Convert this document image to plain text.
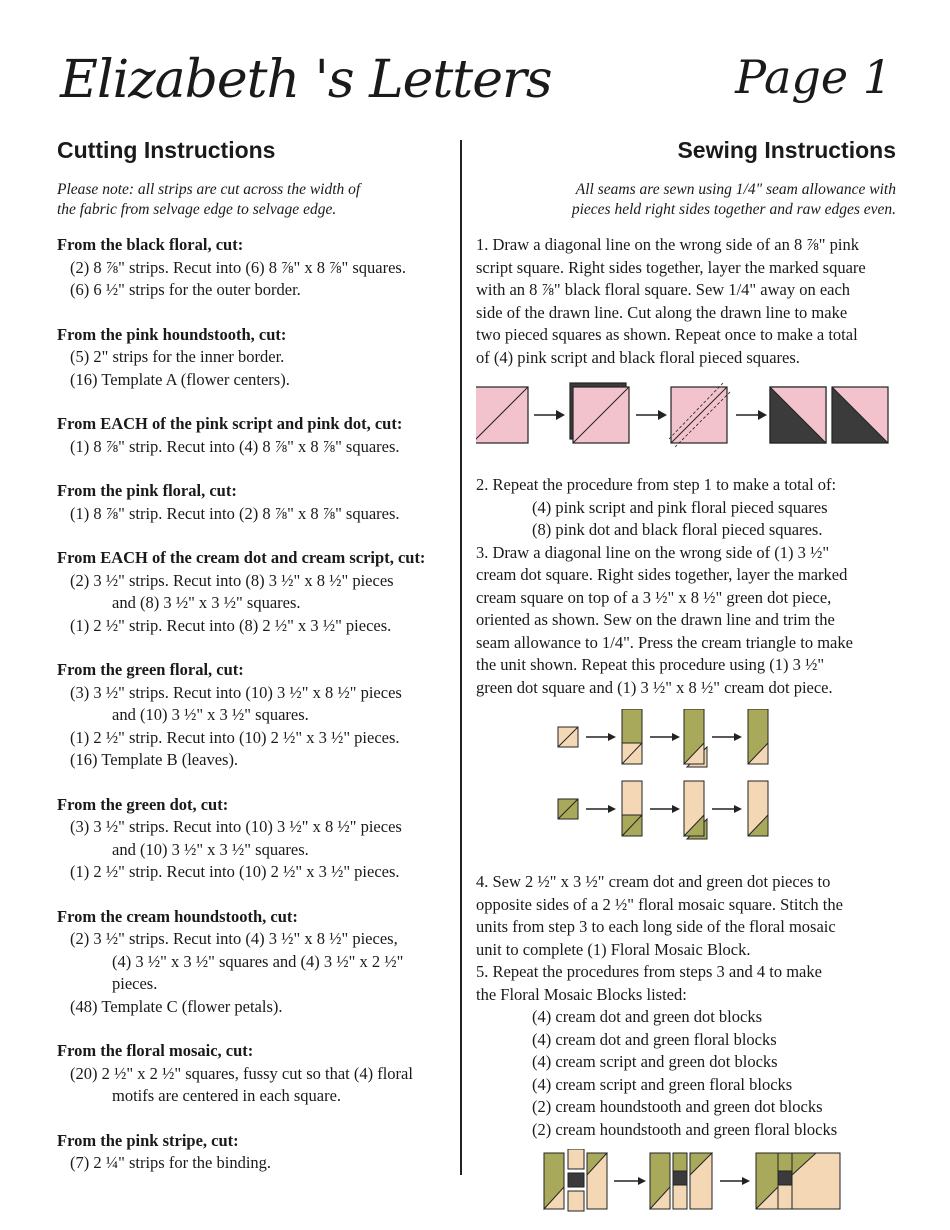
Elizabeth 's Letters	Page 1
Cutting Instructions
Please note: all strips are cut across the width of
the fabric from selvage edge to selvage edge.
From the black floral, cut:
(2) 8 ⅞" strips. Recut into (6) 8 ⅞" x 8 ⅞" squares.
(6) 6 ½" strips for the outer border.
From the pink houndstooth, cut:
(5) 2" strips for the inner border.
(16) Template A (flower centers).
From EACH of the pink script and pink dot, cut:
(1) 8 ⅞" strip. Recut into (4) 8 ⅞" x 8 ⅞" squares.
From the pink floral, cut:
(1) 8 ⅞" strip. Recut into (2) 8 ⅞" x 8 ⅞" squares.
From EACH of the cream dot and cream script, cut:
(2) 3 ½" strips. Recut into (8) 3 ½" x 8 ½" pieces
and (8) 3 ½" x 3 ½" squares.
(1) 2 ½" strip. Recut into (8) 2 ½" x 3 ½" pieces.
From the green floral, cut:
(3) 3 ½" strips. Recut into (10) 3 ½" x 8 ½" pieces
and (10) 3 ½" x 3 ½" squares.
(1) 2 ½" strip. Recut into (10) 2 ½" x 3 ½" pieces.
(16) Template B (leaves).
From the green dot, cut:
(3) 3 ½" strips. Recut into (10) 3 ½" x 8 ½" pieces
and (10) 3 ½" x 3 ½" squares.
(1) 2 ½" strip. Recut into (10) 2 ½" x 3 ½" pieces.
From the cream houndstooth, cut:
(2) 3 ½" strips. Recut into (4) 3 ½" x 8 ½" pieces,
(4) 3 ½" x 3 ½" squares and (4) 3 ½" x 2 ½"
pieces.
(48) Template C (flower petals).
From the floral mosaic, cut:
(20) 2 ½" x 2 ½" squares, fussy cut so that (4) floral
motifs are centered in each square.
From the pink stripe, cut:
(7) 2 ¼" strips for the binding.
Sewing Instructions
All seams are sewn using 1/4" seam allowance with
pieces held right sides together and raw edges even.
1. Draw a diagonal line on the wrong side of an 8 ⅞" pink
script square. Right sides together, layer the marked square
with an 8 ⅞" black floral square. Sew 1/4" away on each
side of the drawn line. Cut along the drawn line to make
two pieced squares as shown. Repeat once to make a total
of (4) pink script and black floral pieced squares.
2. Repeat the procedure from step 1 to make a total of:
(4) pink script and pink floral pieced squares
(8) pink dot and black floral pieced squares.
3. Draw a diagonal line on the wrong side of (1) 3 ½"
cream dot square. Right sides together, layer the marked
cream square on top of a 3 ½" x 8 ½" green dot piece,
oriented as shown. Sew on the drawn line and trim the
seam allowance to 1/4". Press the cream triangle to make
the unit shown. Repeat this procedure using (1) 3 ½"
green dot square and (1) 3 ½" x 8 ½" cream dot piece.
4. Sew 2 ½" x 3 ½" cream dot and green dot pieces to
opposite sides of a 2 ½" floral mosaic square. Stitch the
units from step 3 to each long side of the floral mosaic
unit to complete (1) Floral Mosaic Block.
5. Repeat the procedures from steps 3 and 4 to make
the Floral Mosaic Blocks listed:
(4) cream dot and green dot blocks
(4) cream dot and green floral blocks
(4) cream script and green dot blocks
(4) cream script and green floral blocks
(2) cream houndstooth and green dot blocks
(2) cream houndstooth and green floral blocks
